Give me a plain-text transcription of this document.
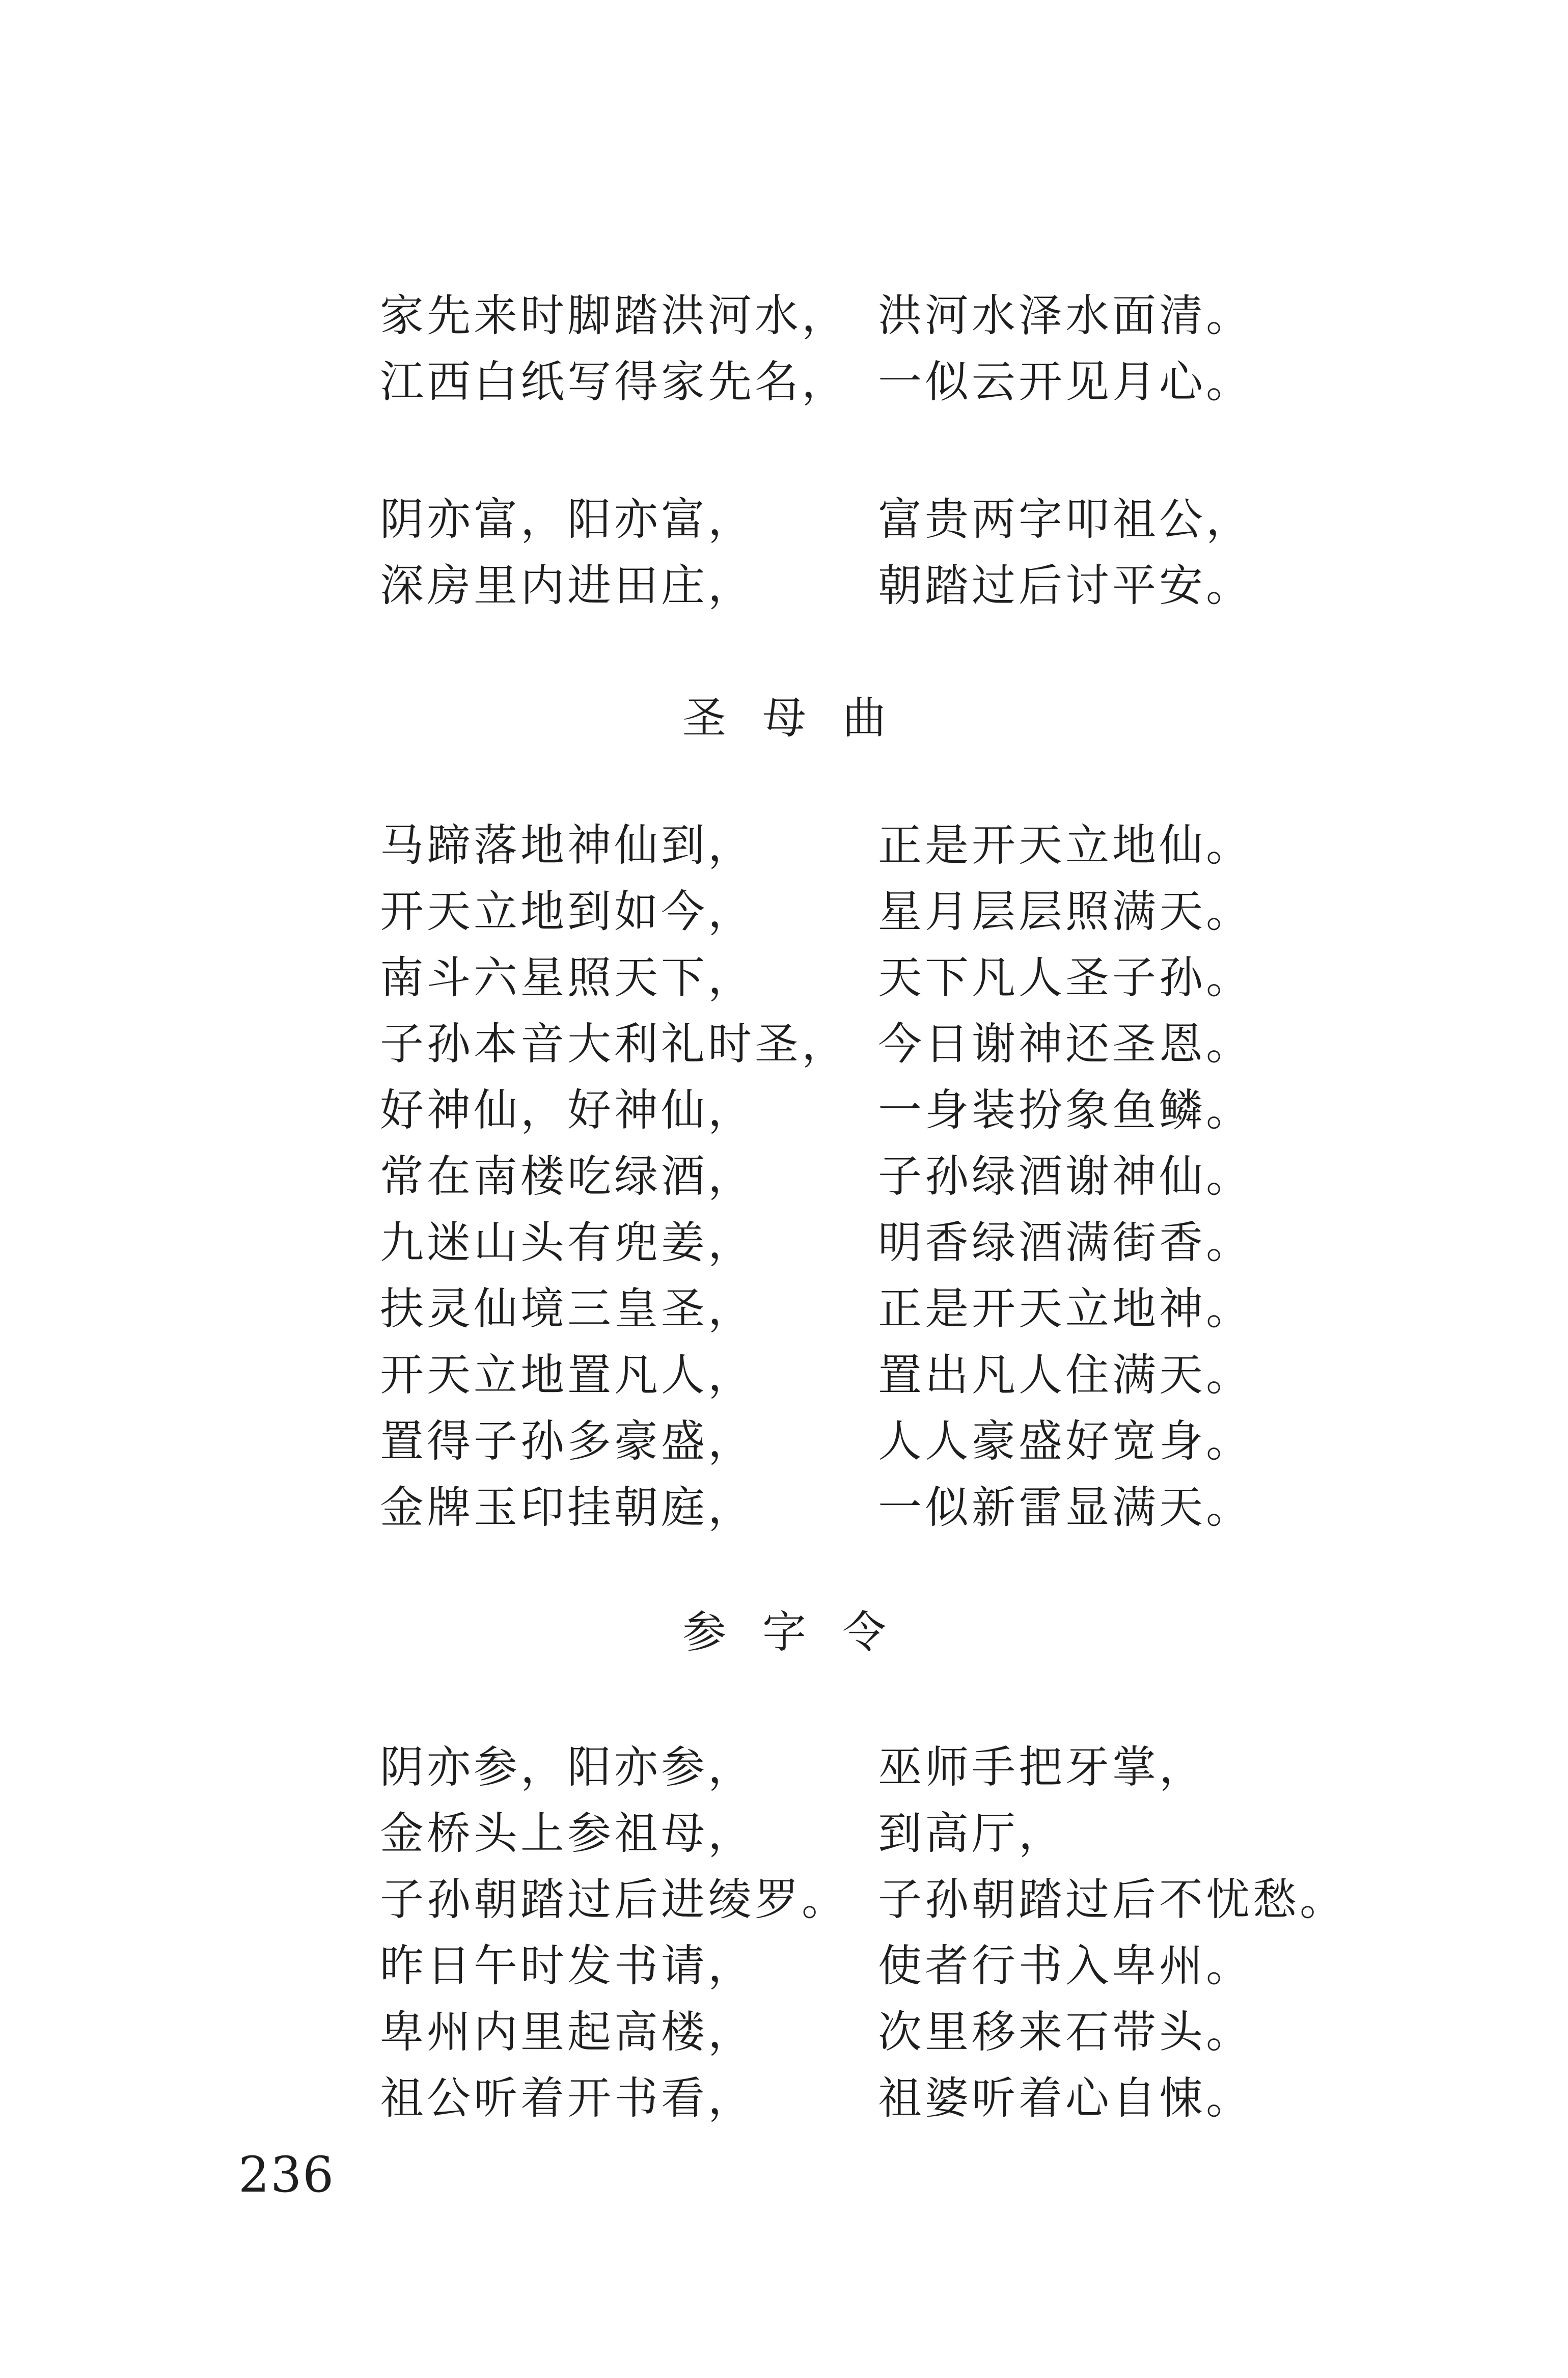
家先来时脚踏洪河水， 洪河水泽水面清。
江西白纸写得家先名， 一似云开见月心。
阴亦富，阳亦富，	富贵两字叩祖公，
深房里内进田庄，	朝踏过后讨平安。
圣 母 曲
马蹄落地神仙到，	正是开天立地仙。
开天立地到如今，	星月层层照满天。
南斗六星照天下，	天下凡人圣子孙。
子孙本音大利礼时圣， 今日谢神还圣恩。
好神仙，好神仙，	一身装扮象鱼鳞。
常在南楼吃绿酒，	子孙绿酒谢神仙。
九迷山头有兜姜，	明香绿酒满街香。
扶灵仙境三皇圣，	正是开天立地神。
开天立地置凡人，	置出凡人住满天。
置得子孙多豪盛，	人人豪盛好宽身。
金牌玉印挂朝庭，	一似新雷显满天。
参 字 令
阴亦参，阳亦参，	巫师手把牙掌，
金桥头上参祖母，	到高厅，
子孙朝踏过后进绫罗。 子孙朝踏过后不忧愁。
昨日午时发书请，	使者行书入卑州。
卑州内里起高楼，	次里移来石带头。
祖公听着开书看，	祖婆听着心自悚。
236
